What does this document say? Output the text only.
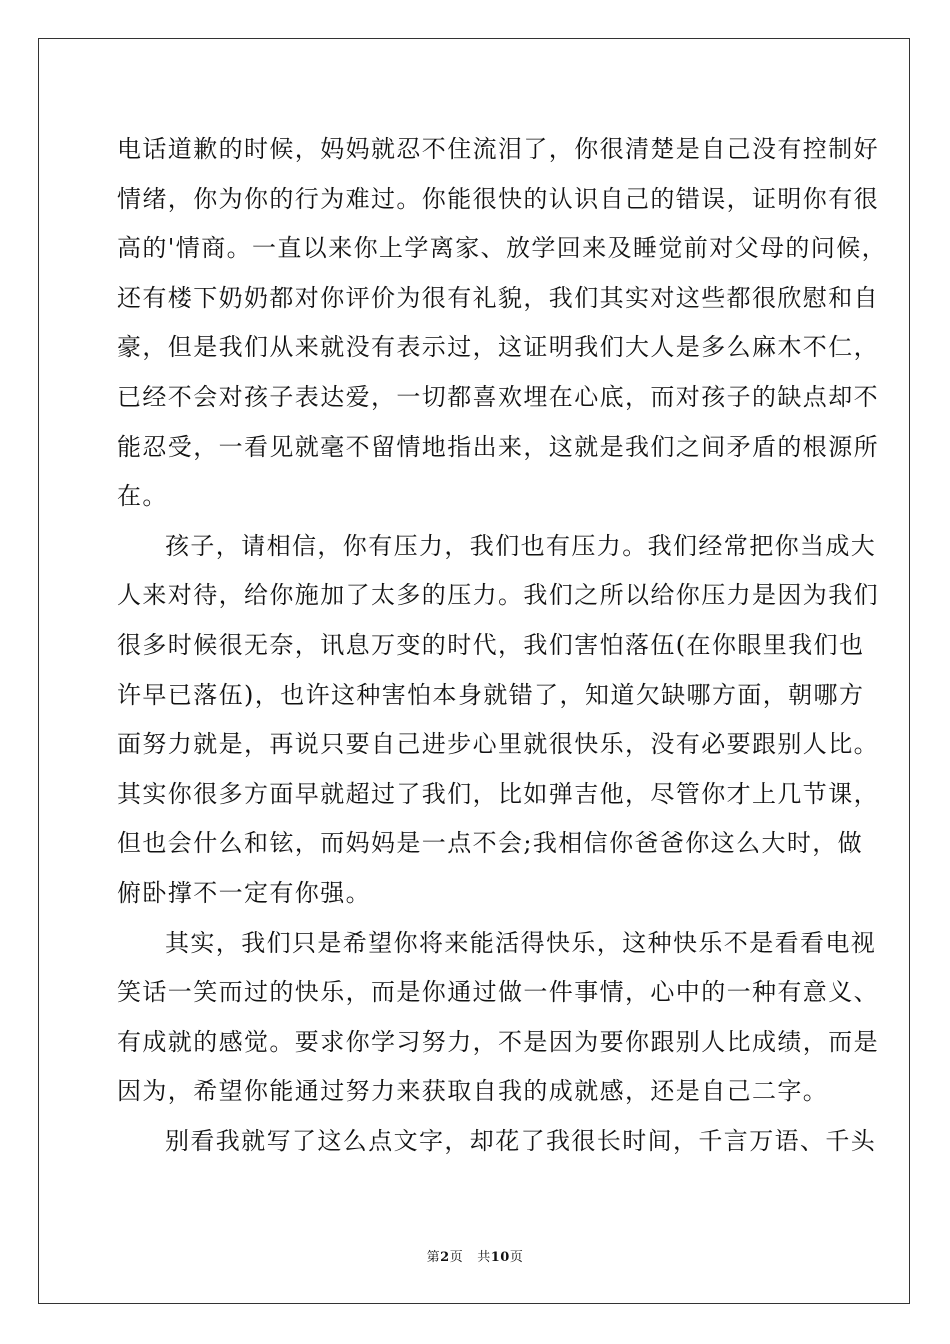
电话道歉的时候，妈妈就忍不住流泪了，你很清楚是自己没有控制好
情绪，你为你的行为难过。你能很快的认识自己的错误，证明你有很
高的'情商。一直以来你上学离家、放学回来及睡觉前对父母的问候，
还有楼下奶奶都对你评价为很有礼貌，我们其实对这些都很欣慰和自
豪，但是我们从来就没有表示过，这证明我们大人是多么麻木不仁，
已经不会对孩子表达爱，一切都喜欢埋在心底，而对孩子的缺点却不
能忍受，一看见就毫不留情地指出来，这就是我们之间矛盾的根源所
在。
孩子，请相信，你有压力，我们也有压力。我们经常把你当成大
人来对待，给你施加了太多的压力。我们之所以给你压力是因为我们
很多时候很无奈，讯息万变的时代，我们害怕落伍(在你眼里我们也
许早已落伍)，也许这种害怕本身就错了，知道欠缺哪方面，朝哪方
面努力就是，再说只要自己进步心里就很快乐，没有必要跟别人比。
其实你很多方面早就超过了我们，比如弹吉他，尽管你才上几节课，
但也会什么和铉，而妈妈是一点不会;我相信你爸爸你这么大时，做
俯卧撑不一定有你强。
其实，我们只是希望你将来能活得快乐，这种快乐不是看看电视
笑话一笑而过的快乐，而是你通过做一件事情，心中的一种有意义、
有成就的感觉。要求你学习努力，不是因为要你跟别人比成绩，而是
因为，希望你能通过努力来获取自我的成就感，还是自己二字。
别看我就写了这么点文字，却花了我很长时间，千言万语、千头
第2页 共10页
